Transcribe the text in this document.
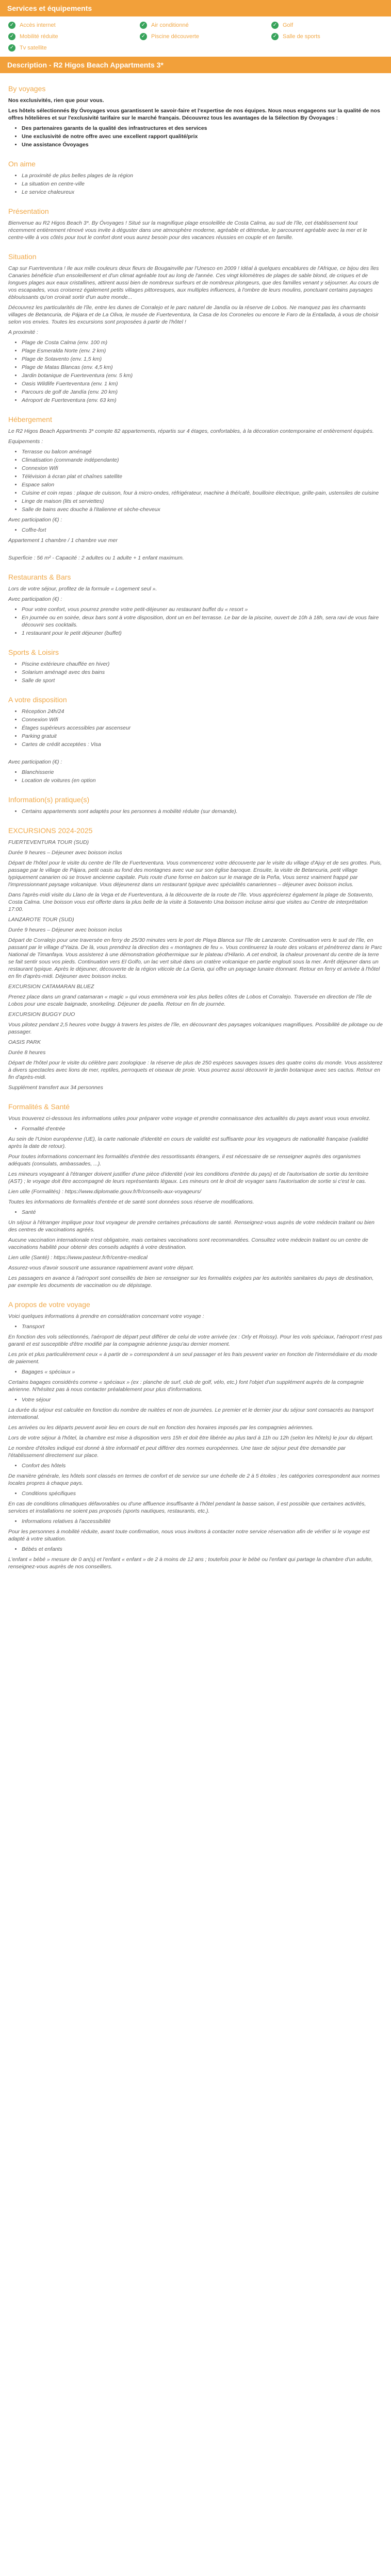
Services et équipements
✓ Accès internet	✓ Air conditionné	✓ Golf
✓ Mobilité réduite	✓ Piscine découverte	✓ Salle de sports
✓ Tv satellite
Description - R2 Higos Beach Appartments 3*
By voyages

Nos exclusivités, rien que pour vous.

Les hôtels sélectionnés By Óvoyages vous garantissent le savoir-faire et l'expertise de nos équipes. Nous nous engageons sur la qualité de nos offres hôtelières et sur l'exclusivité tarifaire sur le marché français. Découvrez tous les avantages de la Sélection By Óvoyages :

• Des partenaires garants de la qualité des infrastructures et des services
• Une exclusivité de notre offre avec une excellent rapport qualité/prix
• Une assistance Óvoyages
On aime
• La proximité de plus belles plages de la région
• La situation en centre-ville
• Le service chaleureux
Présentation

Bienvenue au R2 Higos Beach 3*. By Óvoyages ! Situé sur la magnifique plage ensoleillée de Costa Calma, au sud de l'île, cet établissement tout récemment entièrement rénové vous invite à déguster dans une atmosphère moderne, agréable et détendue, le parcourent agréable avec la mer et le centre-ville à vos côtés pour tout le confort dont vous aurez besoin pour des vacances réussies en couple et en famille.

Situation

Cap sur Fuerteventura ! Ile aux mille couleurs deux fleurs de Bougainville par l'Unesco en 2009 ! Idéal à quelques encablures de l'Afrique, ce bijou des îles Canaries bénéficie d'un ensoleillement et d'un climat agréable tout au long de l'année. Ces vingt kilomètres de plages de sable blond, de criques et de longues plages aux eaux cristallines, attirent aussi bien de nombreux surfeurs et de nombreux plongeurs, que des familles venant y séjourner. Au cours de vos escapades, vous croiserez également petits villages pittoresques, aux multiples influences, à l'ombre de leurs moulins, ponctuant certains paysages éblouissants qu'on croirait sortir d'un autre monde...

Découvrez les particularités de l'île, entre les dunes de Corralejo et le parc naturel de Jandía ou la réserve de Lobos. Ne manquez pas les charmants villages de Betancuria, de Pájara et de La Oliva, le musée de Fuerteventura, la Casa de los Coroneles ou encore le Faro de la Entallada, à vous de choisir selon vos envies. Toutes les excursions sont proposées à partir de l'hôtel !

A proximité :

• Plage de Costa Calma (env. 100 m)
• Plage Esmeralda Norte (env. 2 km)
• Plage de Sotavento (env. 1,5 km)
• Plage de Matas Blancas (env. 4,5 km)
• Jardin botanique de Fuerteventura (env. 5 km)
• Oasis Wildlife Fuerteventura (env. 1 km)
• Parcours de golf de Jandía (env. 20 km)
• Aéroport de Fuerteventura (env. 63 km)
Hébergement

Le R2 Higos Beach Appartments 3* compte 82 appartements, répartis sur 4 étages, confortables, à la décoration contemporaine et entièrement équipés.

Equipements :

• Terrasse ou balcon aménagé
• Climatisation (commande indépendante)
• Connexion Wifi
• Télévision à écran plat et chaînes satellite
• Espace salon
• Cuisine et coin repas : plaque de cuisson, four à micro-ondes, réfrigérateur, machine à thé/café, bouilloire électrique, grille-pain, ustensiles de cuisine
• Linge de maison (lits et serviettes)
• Salle de bains avec douche à l'italienne et sèche-cheveux

Avec participation (€) :

• Coffre-fort

Appartement 1 chambre / 1 chambre vue mer

Superficie : 56 m² - Capacité : 2 adultes ou 1 adulte + 1 enfant maximum.

Restaurants & Bars

Lors de votre séjour, profitez de la formule « Logement seul ».

Avec participation (€) :

• Pour votre confort, vous pourrez prendre votre petit-déjeuner au restaurant buffet du « resort »
• En journée ou en soirée, deux bars sont à votre disposition, dont un en bel terrasse. Le bar de la piscine, ouvert de 10h à 18h, sera ravi de vous faire découvrir ses cocktails.
• 1 restaurant pour le petit déjeuner (buffet)
Sports & Loisirs
• Piscine extérieure chauffée en hiver)
• Solarium aménagé avec des bains
• Salle de sport
A votre disposition
• Réception 24h/24
• Connexion Wifi
• Étages supérieurs accessibles par ascenseur
• Parking gratuit
• Cartes de crédit acceptées : Visa

Avec participation (€) :

• Blanchisserie
• Location de voitures (en option
Information(s) pratique(s)
• Certains appartements sont adaptés pour les personnes à mobilité réduite (sur demande).
EXCURSIONS 2024-2025

FUERTEVENTURA TOUR (SUD)

Durée 9 heures – Déjeuner avec boisson inclus

Départ de l'hôtel pour le visite du centre de l'île de Fuerteventura. Vous commencerez votre découverte par le visite du village d'Ajuy et de ses grottes. Puis, passage par le village de Pájara, petit oasis au fond des montagnes avec vue sur son église baroque. Ensuite, la visite de Betancuria, petit village typiquement canarien où se trouve ancienne capitale. Puis route d'une forme en balcon sur le marage de la Peña, Vous serez vraiment frappé par l'impressionnant paysage volcanique. Vous déjeunerez dans un restaurant typique avec spécialités canariennes – déjeuner avec boisson inclus.

Dans l'après-midi visite du Llano de la Vega et de Fuerteventura, à la découverte de la route de l'île. Vous apprécierez également la plage de Sotavento, Costa Calma. Une boisson vous est offerte dans la plus belle de la visite à Sotavento Una boisson incluse ainsi que visites au Centre de interprétation 17:00.

LANZAROTE TOUR (SUD)

Durée 9 heures – Déjeuner avec boisson inclus

Départ de Corralejo pour une traversée en ferry de 25/30 minutes vers le port de Playa Blanca sur l'île de Lanzarote. Continuation vers le sud de l'île, en passant par le village d'Yaiza. De là, vous prendrez la direction des « montagnes de feu ». Vous continuerez la route des volcans et pénétrerez dans le Parc National de Timanfaya. Vous assisterez à une démonstration géothermique sur le plateau d'Hilario. A cet endroit, la chaleur provenant du centre de la terre se fait sentir sous vos pieds. Continuation vers El Golfo, un lac vert situé dans un cratère volcanique en partie englouti sous la mer. Arrêt déjeuner dans un restaurant typique. Après le déjeuner, découverte de la région viticole de La Geria, qui offre un paysage lunaire étonnant. Retour en ferry et arrivée à l'hôtel en fin d'après-midi. Déjeuner avec boisson inclus.

EXCURSION CATAMARAN BLUEZ

Prenez place dans un grand catamaran « magic » qui vous emmènera voir les plus belles côtes de Lobos et Corralejo. Traversée en direction de l'île de Lobos pour une escale baignade, snorkeling. Déjeuner de paella. Retour en fin de journée.

EXCURSION BUGGY DUO

Vous pilotez pendant 2,5 heures votre buggy à travers les pistes de l'île, en découvrant des paysages volcaniques magnifiques. Possibilité de pilotage ou de passager.

OASIS PARK

Durée 8 heures

Départ de l'hôtel pour le visite du célèbre parc zoologique : la réserve de plus de 250 espèces sauvages issues des quatre coins du monde. Vous assisterez à divers spectacles avec lions de mer, reptiles, perroquets et oiseaux de proie. Vous pourrez aussi découvrir le jardin botanique avec ses cactus. Retour en fin d'après-midi.

Supplément transfert aux 34 personnes

Formalités & Santé

Vous trouverez ci-dessous les informations utiles pour préparer votre voyage et prendre connaissance des actualités du pays avant vous vous envolez.

• Formalité d'entrée

Au sein de l'Union européenne (UE), la carte nationale d'identité en cours de validité est suffisante pour les voyageurs de nationalité française (validité après la date de retour).

Pour toutes informations concernant les formalités d'entrée des ressortissants étrangers, il est nécessaire de se renseigner auprès des organismes adéquats (consulats, ambassades, ...).

Les mineurs voyageant à l'étranger doivent justifier d'une pièce d'identité (voir les conditions d'entrée du pays) et de l'autorisation de sortie du territoire (AST) ; le voyage doit être accompagné de leurs représentants légaux. Les mineurs ont le droit de voyager sans l'autorisation de sortie si c'est le cas.

Lien utile (Formalités) : https://www.diplomatie.gouv.fr/fr/conseils-aux-voyageurs/

Toutes les informations de formalités d'entrée et de santé sont données sous réserve de modifications.

• Santé

Un séjour à l'étranger implique pour tout voyageur de prendre certaines précautions de santé. Renseignez-vous auprès de votre médecin traitant ou bien des centres de vaccinations agréés.

Aucune vaccination internationale n'est obligatoire, mais certaines vaccinations sont recommandées. Consultez votre médecin traitant ou un centre de vaccinations habilité pour obtenir des conseils adaptés à votre destination.

Lien utile (Santé) : https://www.pasteur.fr/fr/centre-medical

Assurez-vous d'avoir souscrit une assurance rapatriement avant votre départ.

Les passagers en avance à l'aéroport sont conseillés de bien se renseigner sur les formalités exigées par les autorités sanitaires du pays de destination, par exemple les documents de vaccination ou de dépistage.

A propos de votre voyage

Voici quelques informations à prendre en considération concernant votre voyage :

• Transport

En fonction des vols sélectionnés, l'aéroport de départ peut différer de celui de votre arrivée (ex : Orly et Roissy). Pour les vols spéciaux, l'aéroport n'est pas garanti et est susceptible d'être modifié par la compagnie aérienne jusqu'au dernier moment.

Les prix et plus particulièrement ceux « à partir de » correspondent à un seul passager et les frais peuvent varier en fonction de l'intermédiaire et du mode de paiement.

• Bagages « spéciaux »

Certains bagages considérés comme « spéciaux » (ex : planche de surf, club de golf, vélo, etc.) font l'objet d'un supplément auprès de la compagnie aérienne. N'hésitez pas à nous contacter préalablement pour plus d'informations.

• Votre séjour

La durée du séjour est calculée en fonction du nombre de nuitées et non de journées. Le premier et le dernier jour du séjour sont consacrés au transport international.

Les arrivées ou les départs peuvent avoir lieu en cours de nuit en fonction des horaires imposés par les compagnies aériennes.

Lors de votre séjour à l'hôtel, la chambre est mise à disposition vers 15h et doit être libérée au plus tard à 11h ou 12h (selon les hôtels) le jour du départ.

Le nombre d'étoiles indiqué est donné à titre informatif et peut différer des normes européennes. Une taxe de séjour peut être demandée par l'établissement directement sur place.

• Confort des hôtels

De manière générale, les hôtels sont classés en termes de confort et de service sur une échelle de 2 à 5 étoiles ; les catégories correspondent aux normes locales propres à chaque pays.

• Conditions spécifiques

En cas de conditions climatiques défavorables ou d'une affluence insuffisante à l'hôtel pendant la basse saison, il est possible que certaines activités, services et installations ne soient pas proposés (sports nautiques, restaurants, etc.).

• Informations relatives à l'accessibilité

Pour les personnes à mobilité réduite, avant toute confirmation, nous vous invitons à contacter notre service réservation afin de vérifier si le voyage est adapté à votre situation.

• Bébés et enfants

L'enfant « bébé » mesure de 0 an(s) et l'enfant « enfant » de 2 à moins de 12 ans ; toutefois pour le bébé ou l'enfant qui partage la chambre d'un adulte, renseignez-vous auprès de nos conseillers.
